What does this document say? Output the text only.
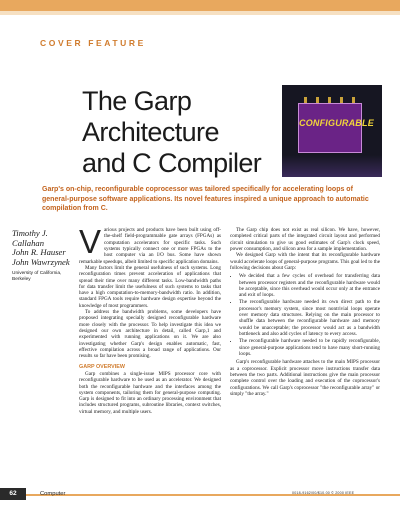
COVER FEATURE
The Garp
Architecture
and C Compiler
CONFIGURABLE
Garp's on-chip, reconfigurable coprocessor was tailored specifically for accelerating loops of general-purpose software applications. Its novel features inspired a unique approach to automatic compilation from C.
Timothy J. Callahan
John R. Hauser
John Wawrzynek
University of California, Berkeley

Various projects and products have been built using off-the-shelf field-programmable gate arrays (FPGAs) as computation accelerators for specific tasks. Such systems typically connect one or more FPGAs to the host computer via an I/O bus. Some have shown remarkable speedups, albeit limited to specific application domains.

Many factors limit the general usefulness of such systems. Long reconfiguration times prevent acceleration of applications that spread their time over many different tasks. Low-bandwidth paths for data transfer limit the usefulness of such systems to tasks that have a high computation-to-memory-bandwidth ratio. In addition, standard FPGA tools require hardware design expertise beyond the knowledge of most programmers.

To address the bandwidth problems, some developers have proposed integrating specially designed reconfigurable hardware more closely with the processor. To help investigate this idea we designed our own architecture in detail, called Garp,1 and experimented with running applications on it. We are also investigating whether Garp's design enables automatic, fast, effective compilation across a broad range of applications. Our results so far have been promising.

GARP OVERVIEW

Garp combines a single-issue MIPS processor core with reconfigurable hardware to be used as an accelerator. We designed both the reconfigurable hardware and the interfaces among the system components, tailoring them for general-purpose computing. Garp is designed to fit into an ordinary processing environment that includes structured programs, subroutine libraries, context switches, virtual memory, and multiple users.

The Garp chip does not exist as real silicon. We have, however, completed critical parts of the integrated circuit layout and performed circuit simulation to give us good estimates of Garp's clock speed, power consumption, and silicon area for a sample implementation.

We designed Garp with the intent that its reconfigurable hardware would accelerate loops of general-purpose programs. This goal led to the following decisions about Garp:

• We decided that a few cycles of overhead for transferring data between processor registers and the reconfigurable hardware would be acceptable, since this overhead would occur only at the entrance and exit of loops.
• The reconfigurable hardware needed its own direct path to the processor's memory system, since most nontrivial loops operate over memory data structures. Relying on the main processor to shuffle data between the reconfigurable hardware and memory would be unacceptable; the processor would act as a bandwidth bottleneck and also add cycles of latency to every access.
• The reconfigurable hardware needed to be rapidly reconfigurable, since general-purpose applications tend to have many short-running loops.

Garp's reconfigurable hardware attaches to the main MIPS processor as a coprocessor. Explicit processor move instructions transfer data between the two parts. Additional instructions give the main processor complete control over the loading and execution of the coprocessor's configurations. We call Garp's coprocessor "the reconfigurable array" or simply "the array."

62	Computer	0018-9162/00/$10.00 © 2000 IEEE
